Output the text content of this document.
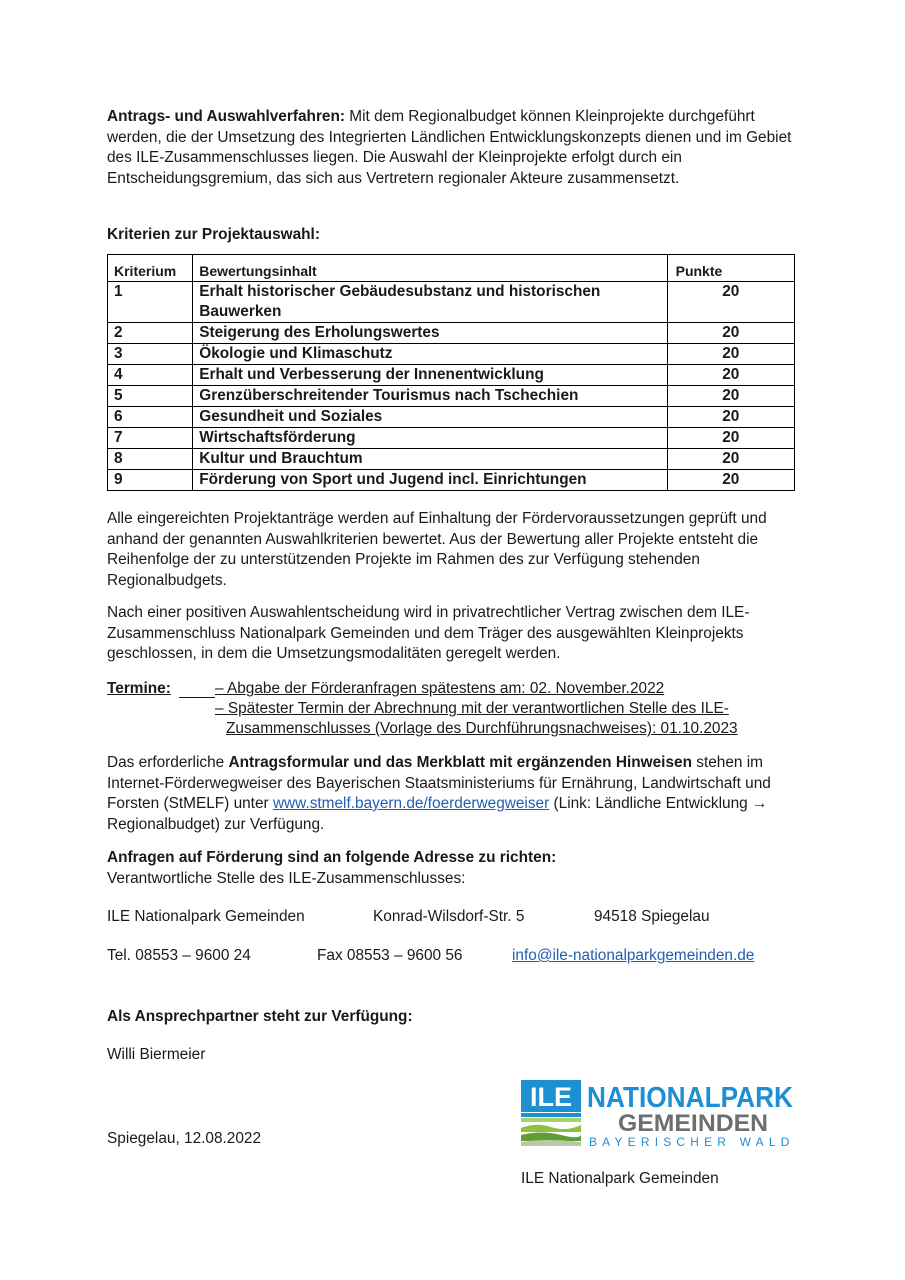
Antrags- und Auswahlverfahren: Mit dem Regionalbudget können Kleinprojekte durchgeführt werden, die der Umsetzung des Integrierten Ländlichen Entwicklungskonzepts dienen und im Gebiet des ILE-Zusammenschlusses liegen. Die Auswahl der Kleinprojekte erfolgt durch ein Entscheidungsgremium, das sich aus Vertretern regionaler Akteure zusammensetzt.

Kriterien zur Projektauswahl:

Kriterium	Bewertungsinhalt	Punkte
1	Erhalt historischer Gebäudesubstanz und historischen Bauwerken	20
2	Steigerung des Erholungswertes	20
3	Ökologie und Klimaschutz	20
4	Erhalt und Verbesserung der Innenentwicklung	20
5	Grenzüberschreitender Tourismus nach Tschechien	20
6	Gesundheit und Soziales	20
7	Wirtschaftsförderung	20
8	Kultur und Brauchtum	20
9	Förderung von Sport und Jugend incl. Einrichtungen	20

Alle eingereichten Projektanträge werden auf Einhaltung der Fördervoraussetzungen geprüft und anhand der genannten Auswahlkriterien bewertet. Aus der Bewertung aller Projekte entsteht die Reihenfolge der zu unterstützenden Projekte im Rahmen des zur Verfügung stehenden Regionalbudgets.

Nach einer positiven Auswahlentscheidung wird in privatrechtlicher Vertrag zwischen dem ILE-Zusammenschluss Nationalpark Gemeinden und dem Träger des ausgewählten Kleinprojekts geschlossen, in dem die Umsetzungsmodalitäten geregelt werden.

Termine:	– Abgabe der Förderanfragen spätestens am: 02. November.2022
– Spätester Termin der Abrechnung mit der verantwortlichen Stelle des ILE-
Zusammenschlusses (Vorlage des Durchführungsnachweises): 01.10.2023

Das erforderliche Antragsformular und das Merkblatt mit ergänzenden Hinweisen stehen im Internet-Förderwegweiser des Bayerischen Staatsministeriums für Ernährung, Landwirtschaft und Forsten (StMELF) unter www.stmelf.bayern.de/foerderwegweiser (Link: Ländliche Entwicklung → Regionalbudget) zur Verfügung.

Anfragen auf Förderung sind an folgende Adresse zu richten:
Verantwortliche Stelle des ILE-Zusammenschlusses:
ILE Nationalpark Gemeinden	Konrad-Wilsdorf-Str. 5	94518 Spiegelau
Tel. 08553 – 9600 24	Fax 08553 – 9600 56	info@ile-nationalparkgemeinden.de
Als Ansprechpartner steht zur Verfügung:
Willi Biermeier
Spiegelau, 12.08.2022
ILE Nationalpark Gemeinden
ILE NATIONALPARK
GEMEINDEN
BAYERISCHER WALD
